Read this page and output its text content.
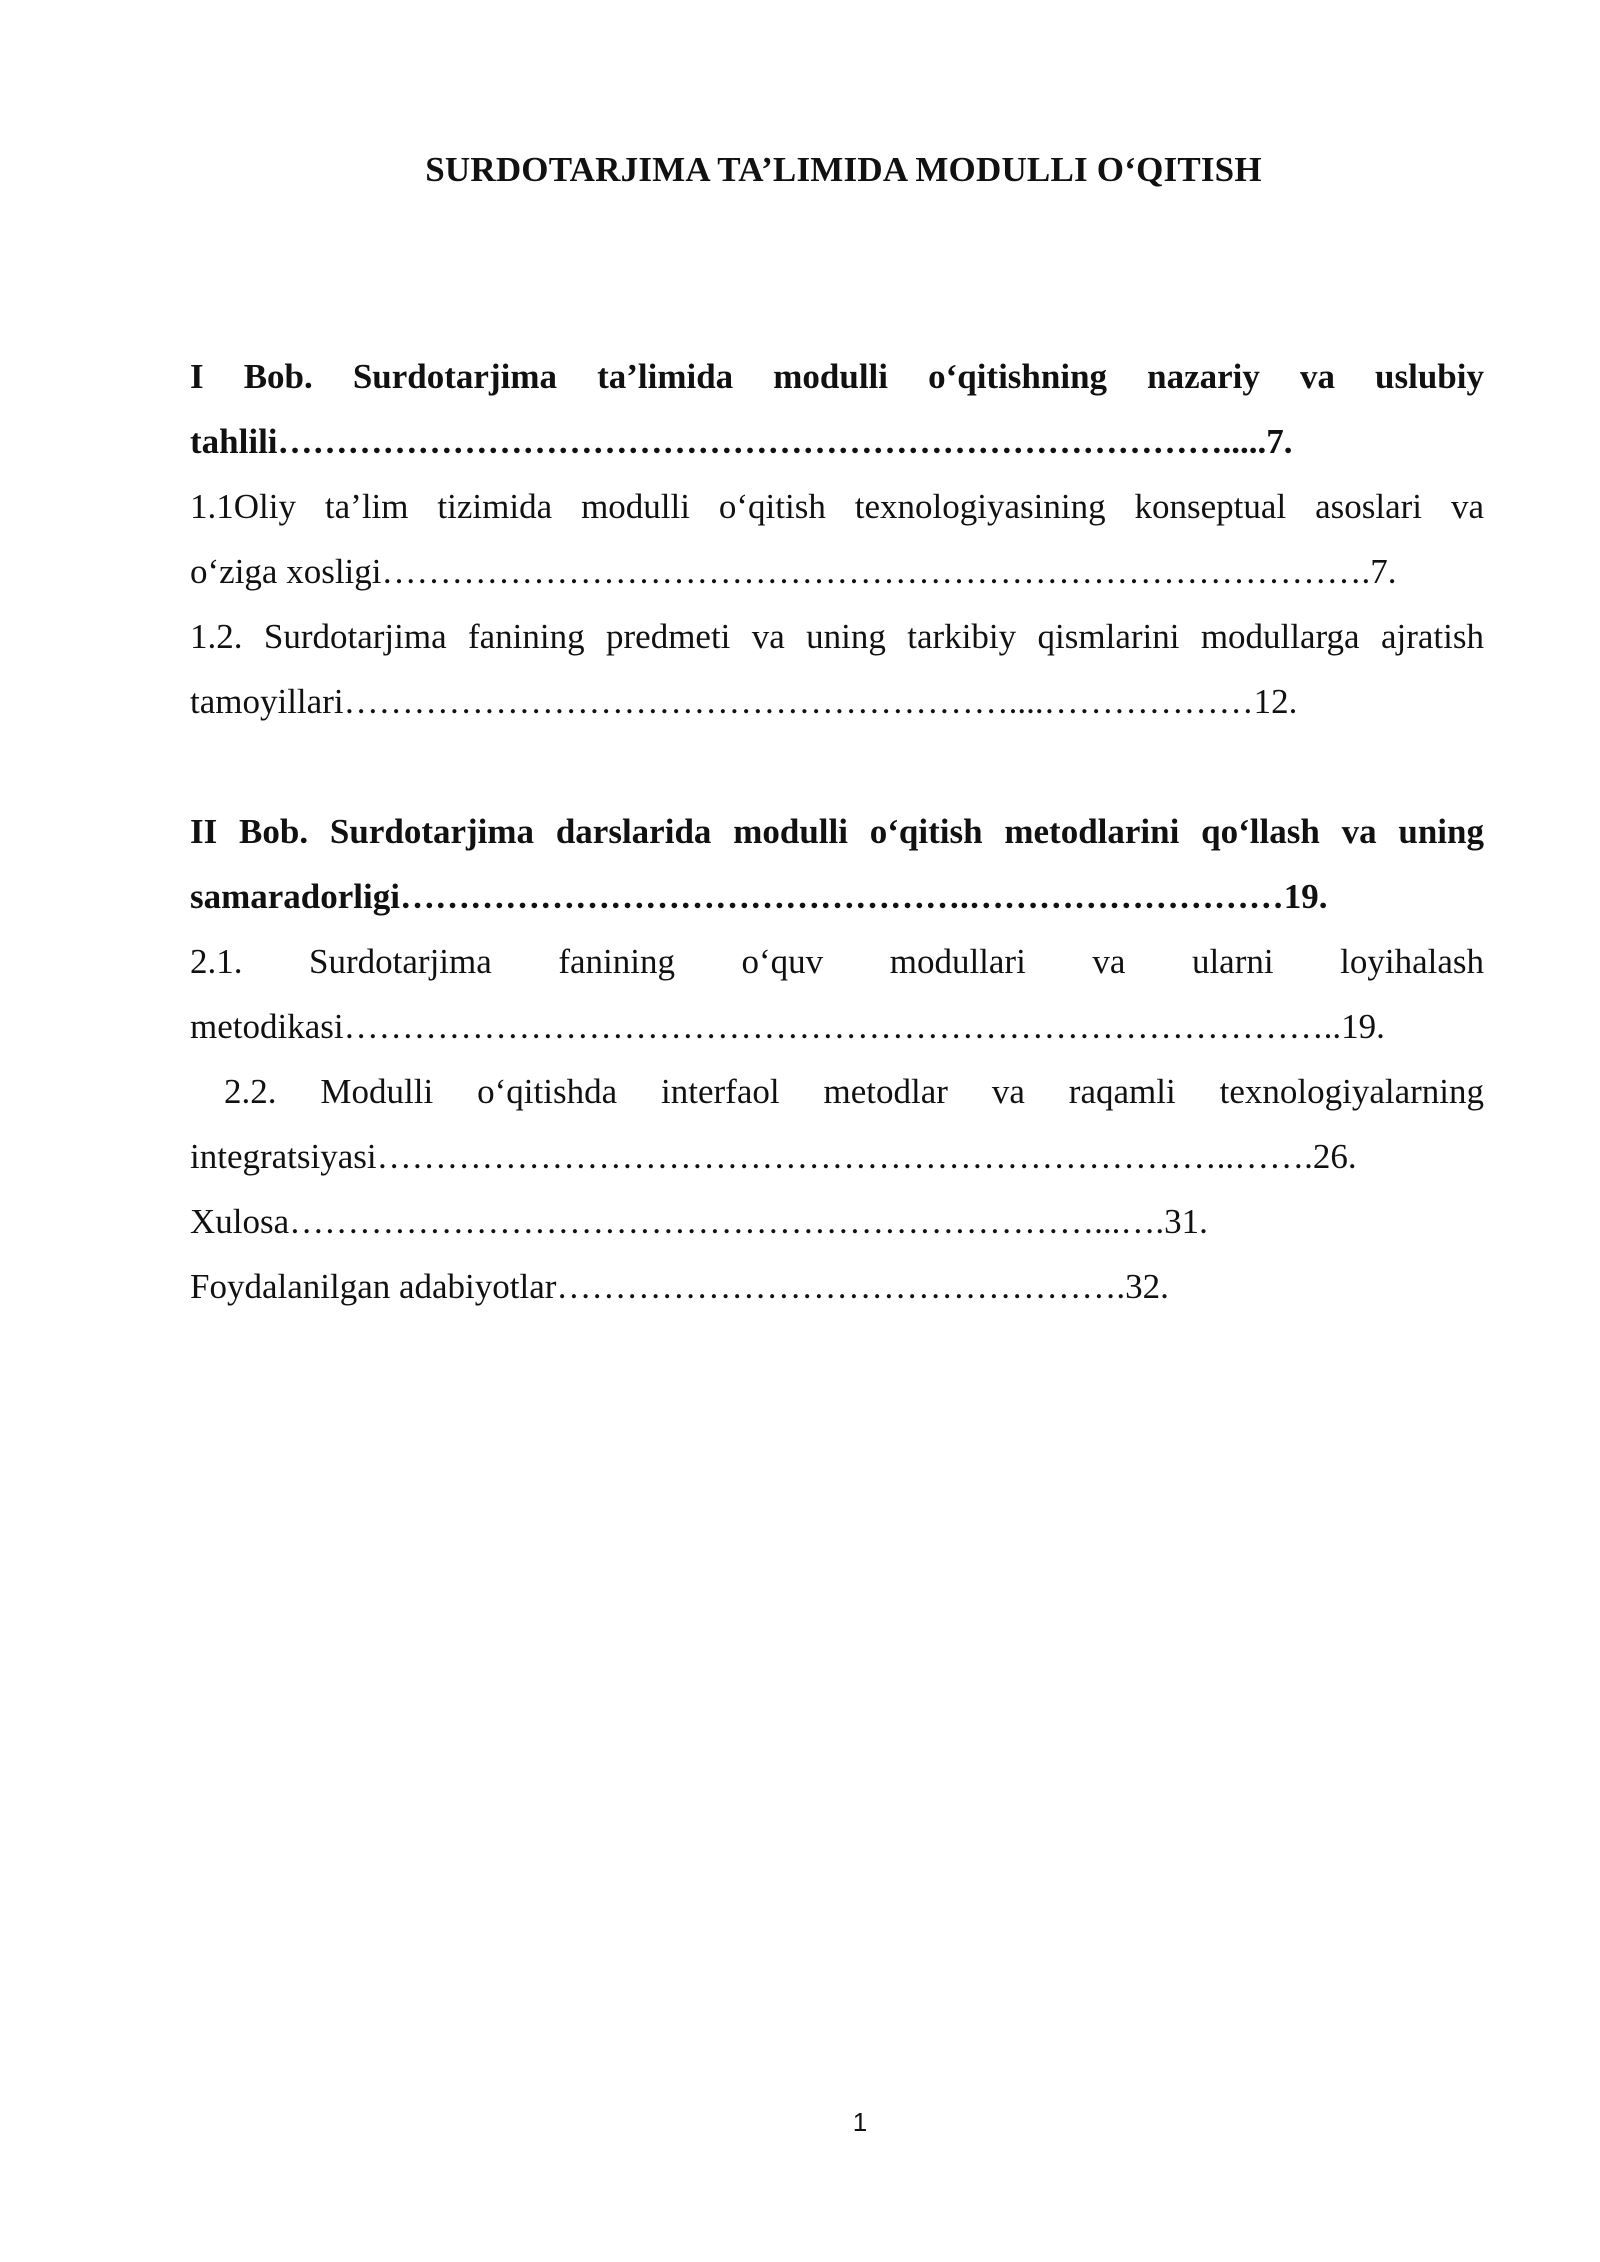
SURDOTARJIMA TA’LIMIDA MODULLI O‘QITISH
I Bob. Surdotarjima ta’limida modulli o‘qitishning nazariy va uslubiy
tahlili……………………………………………………………………….....7.
1.1Oliy ta’lim tizimida modulli o‘qitish texnologiyasining konseptual asoslari va
o‘ziga xosligi………………………………………………………………………….7.
1.2. Surdotarjima fanining predmeti va uning tarkibiy qismlarini modullarga ajratish
tamoyillari…………………………………………………....………………12.
II Bob. Surdotarjima darslarida modulli o‘qitish metodlarini qo‘llash va uning
samaradorligi………………………………………….………………………19.
2.1. Surdotarjima fanining o‘quv modullari va ularni loyihalash
metodikasi…………………………………………………………………………..19.
2.2. Modulli o‘qitishda interfaol metodlar va raqamli texnologiyalarning
integratsiyasi………………………………………………………………..…….26.
Xulosa……………………………………………………………...….31.
Foydalanilgan adabiyotlar………………………………………….32.
1
